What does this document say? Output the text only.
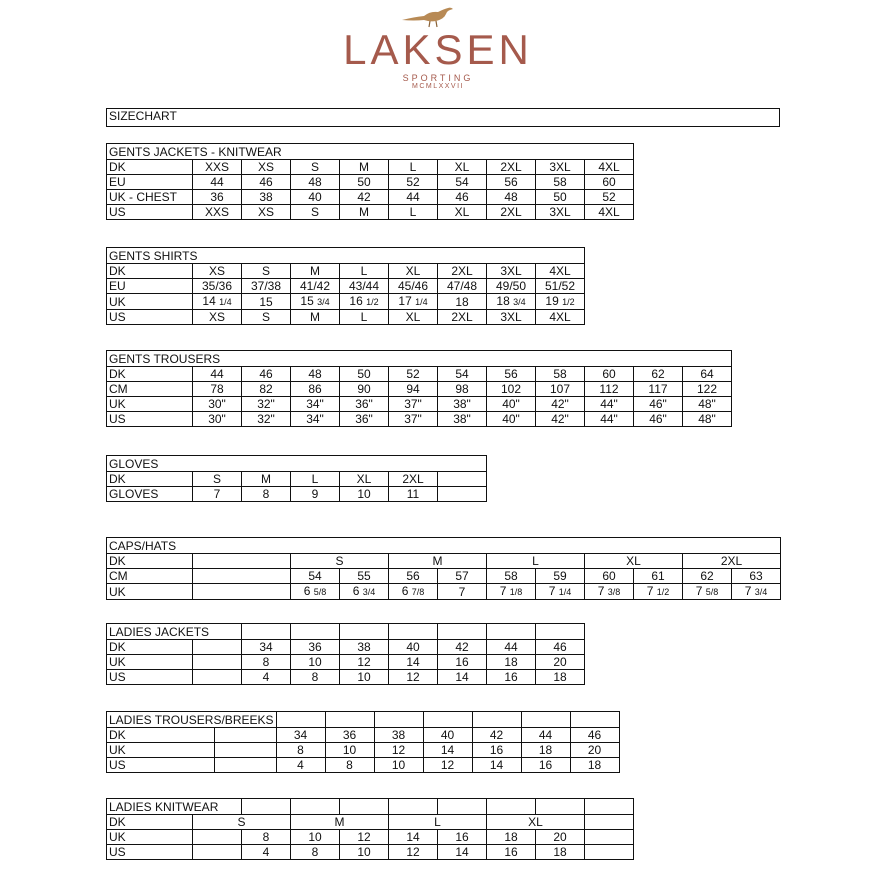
LAKSEN
SPORTING
MCMLXXVII
SIZECHART
GENTS JACKETS - KNITWEAR									
DK	XXS	XS	S	M	L	XL	2XL	3XL	4XL
EU	44	46	48	50	52	54	56	58	60
UK - CHEST	36	38	40	42	44	46	48	50	52
US	XXS	XS	S	M	L	XL	2XL	3XL	4XL
GENTS SHIRTS								
DK	XS	S	M	L	XL	2XL	3XL	4XL
EU	35/36	37/38	41/42	43/44	45/46	47/48	49/50	51/52
UK	14 1/4	15	15 3/4	16 1/2	17 1/4	18	18 3/4	19 1/2
US	XS	S	M	L	XL	2XL	3XL	4XL
GENTS TROUSERS											
DK	44	46	48	50	52	54	56	58	60	62	64
CM	78	82	86	90	94	98	102	107	112	117	122
UK	30"	32"	34"	36"	37"	38"	40"	42"	44"	46"	48"
US	30"	32"	34"	36"	37"	38"	40"	42"	44"	46"	48"
GLOVES						
DK	S	M	L	XL	2XL	
GLOVES	7	8	9	10	11	
CAPS/HATS											
DK		S		M		L		XL		2XL	
CM		54	55	56	57	58	59	60	61	62	63
UK		6 5/8	6 3/4	6 7/8	7	7 1/8	7 1/4	7 3/8	7 1/2	7 5/8	7 3/4
LADIES JACKETS								
DK		34	36	38	40	42	44	46
UK		8	10	12	14	16	18	20
US		4	8	10	12	14	16	18
LADIES TROUSERS/BREEKS								
DK		34	36	38	40	42	44	46
UK		8	10	12	14	16	18	20
US		4	8	10	12	14	16	18
LADIES KNITWEAR									
DK	S		M		L		XL		
UK		8	10	12	14	16	18	20	
US		4	8	10	12	14	16	18	
